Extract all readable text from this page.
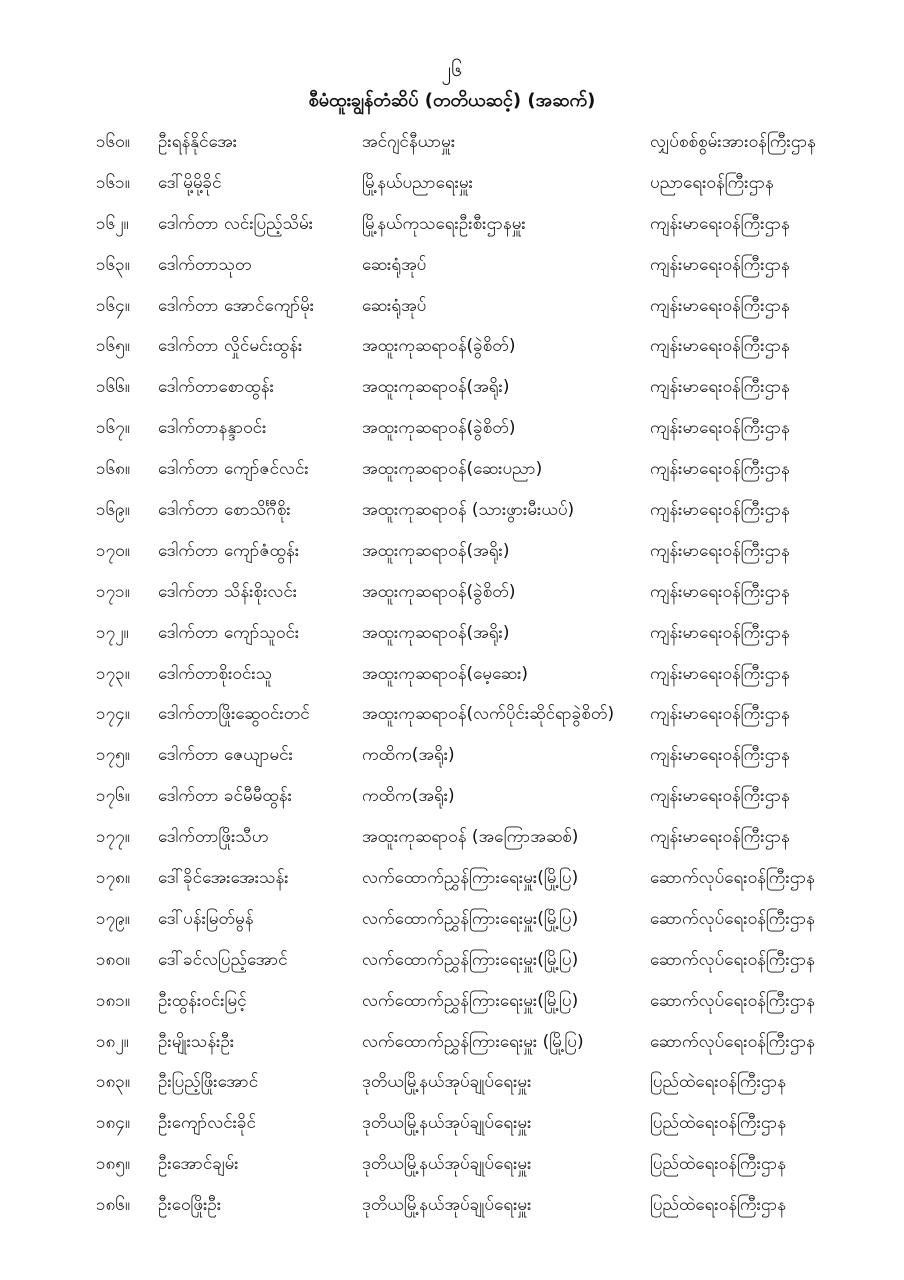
၂၆
စီမံထူးချွန်တံဆိပ် (တတိယဆင့်) (အဆက်)
၁၆၀။	ဦးရန်နိုင်အေး	အင်ဂျင်နီယာမှူး	လျှပ်စစ်စွမ်းအားဝန်ကြီးဌာန
၁၆၁။	ဒေါ်မို့မို့ခိုင်	မြို့နယ်ပညာရေးမှူး	ပညာရေးဝန်ကြီးဌာန
၁၆၂။	ဒေါက်တာ လင်းပြည့်သိမ်း	မြို့နယ်ကုသရေးဦးစီးဌာနမှူး	ကျန်းမာရေးဝန်ကြီးဌာန
၁၆၃။	ဒေါက်တာသုတ	ဆေးရုံအုပ်	ကျန်းမာရေးဝန်ကြီးဌာန
၁၆၄။	ဒေါက်တာ အောင်ကျော်မိုး	ဆေးရုံအုပ်	ကျန်းမာရေးဝန်ကြီးဌာန
၁၆၅။	ဒေါက်တာ လှိုင်မင်းထွန်း	အထူးကုဆရာဝန်(ခွဲစိတ်)	ကျန်းမာရေးဝန်ကြီးဌာန
၁၆၆။	ဒေါက်တာစောထွန်း	အထူးကုဆရာဝန်(အရိုး)	ကျန်းမာရေးဝန်ကြီးဌာန
၁၆၇။	ဒေါက်တာနန္ဒာဝင်း	အထူးကုဆရာဝန်(ခွဲစိတ်)	ကျန်းမာရေးဝန်ကြီးဌာန
၁၆၈။	ဒေါက်တာ ကျော်ဇင်လင်း	အထူးကုဆရာဝန်(ဆေးပညာ)	ကျန်းမာရေးဝန်ကြီးဌာန
၁၆၉။	ဒေါက်တာ စောသိင်္ဂီစိုး	အထူးကုဆရာဝန် (သားဖွားမီးယပ်)	ကျန်းမာရေးဝန်ကြီးဌာန
၁၇၀။	ဒေါက်တာ ကျော်ဇံထွန်း	အထူးကုဆရာဝန်(အရိုး)	ကျန်းမာရေးဝန်ကြီးဌာန
၁၇၁။	ဒေါက်တာ သိန်းစိုးလင်း	အထူးကုဆရာဝန်(ခွဲစိတ်)	ကျန်းမာရေးဝန်ကြီးဌာန
၁၇၂။	ဒေါက်တာ ကျော်သူဝင်း	အထူးကုဆရာဝန်(အရိုး)	ကျန်းမာရေးဝန်ကြီးဌာန
၁၇၃။	ဒေါက်တာစိုးဝင်းသူ	အထူးကုဆရာဝန်(မေ့ဆေး)	ကျန်းမာရေးဝန်ကြီးဌာန
၁၇၄။	ဒေါက်တာဖြိုးဆွေဝင်းတင်	အထူးကုဆရာဝန်(လက်ပိုင်းဆိုင်ရာခွဲစိတ်)	ကျန်းမာရေးဝန်ကြီးဌာန
၁၇၅။	ဒေါက်တာ ဇေယျာမင်း	ကထိက(အရိုး)	ကျန်းမာရေးဝန်ကြီးဌာန
၁၇၆။	ဒေါက်တာ ခင်မီမီထွန်း	ကထိက(အရိုး)	ကျန်းမာရေးဝန်ကြီးဌာန
၁၇၇။	ဒေါက်တာဖြိုးသီဟ	အထူးကုဆရာဝန် (အကြောအဆစ်)	ကျန်းမာရေးဝန်ကြီးဌာန
၁၇၈။	ဒေါ်ခိုင်အေးအေးသန်း	လက်ထောက်ညွှန်ကြားရေးမှူး(မြို့ပြ)	ဆောက်လုပ်ရေးဝန်ကြီးဌာန
၁၇၉။	ဒေါ်ပန်းမြတ်မွန်	လက်ထောက်ညွှန်ကြားရေးမှူး(မြို့ပြ)	ဆောက်လုပ်ရေးဝန်ကြီးဌာန
၁၈၀။	ဒေါ်ခင်လပြည့်အောင်	လက်ထောက်ညွှန်ကြားရေးမှူး(မြို့ပြ)	ဆောက်လုပ်ရေးဝန်ကြီးဌာန
၁၈၁။	ဦးထွန်းဝင်းမြင့်	လက်ထောက်ညွှန်ကြားရေးမှူး(မြို့ပြ)	ဆောက်လုပ်ရေးဝန်ကြီးဌာန
၁၈၂။	ဦးမျိုးသန်းဦး	လက်ထောက်ညွှန်ကြားရေးမှူး (မြို့ပြ)	ဆောက်လုပ်ရေးဝန်ကြီးဌာန
၁၈၃။	ဦးပြည့်ဖြိုးအောင်	ဒုတိယမြို့နယ်အုပ်ချုပ်ရေးမှူး	ပြည်ထဲရေးဝန်ကြီးဌာန
၁၈၄။	ဦးကျော်လင်းခိုင်	ဒုတိယမြို့နယ်အုပ်ချုပ်ရေးမှူး	ပြည်ထဲရေးဝန်ကြီးဌာန
၁၈၅။	ဦးအောင်ချမ်း	ဒုတိယမြို့နယ်အုပ်ချုပ်ရေးမှူး	ပြည်ထဲရေးဝန်ကြီးဌာန
၁၈၆။	ဦးဝေဖြိုးဦး	ဒုတိယမြို့နယ်အုပ်ချုပ်ရေးမှူး	ပြည်ထဲရေးဝန်ကြီးဌာန
